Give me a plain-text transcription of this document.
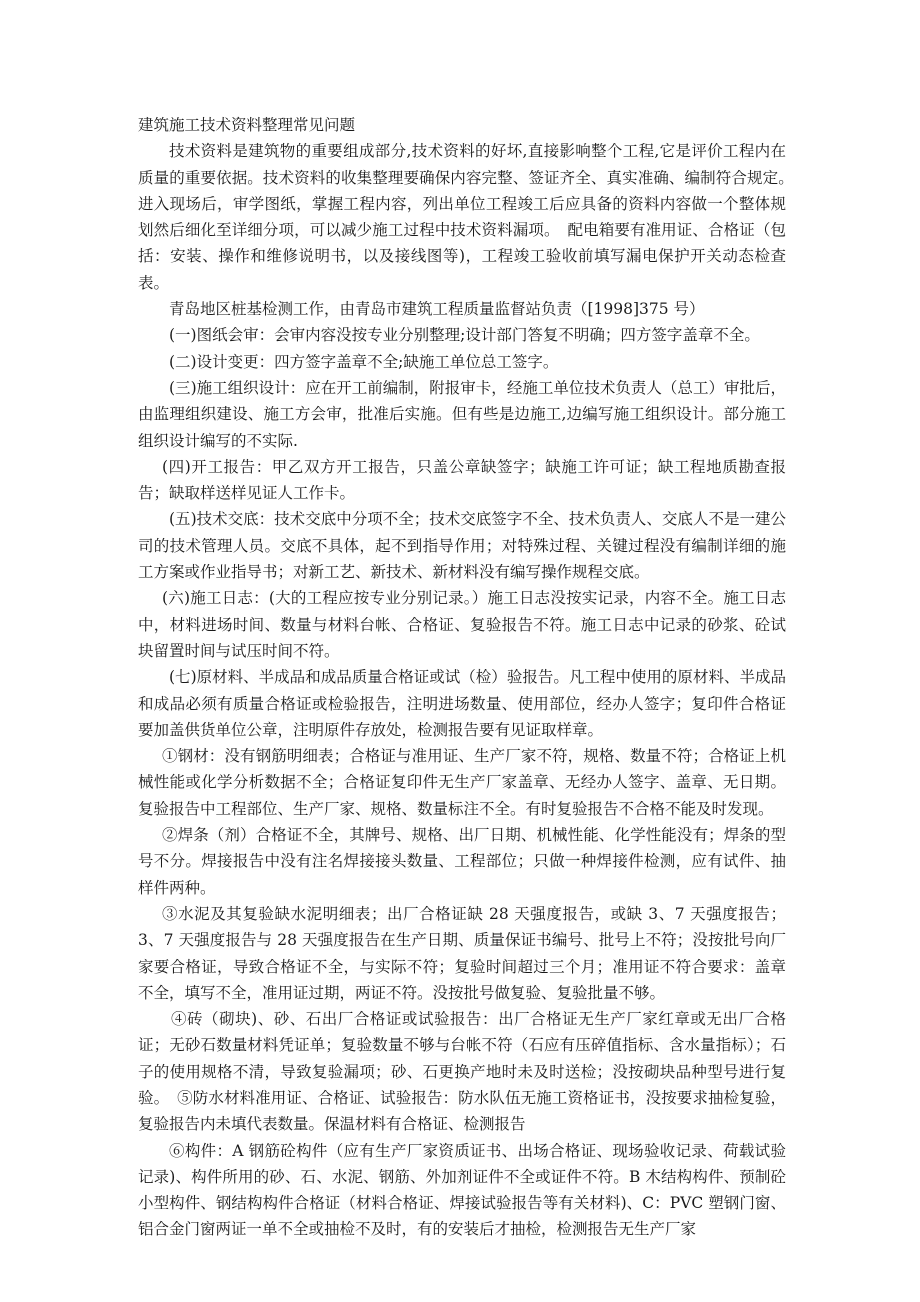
建筑施工技术资料整理常见问题

技术资料是建筑物的重要组成部分,技术资料的好坏,直接影响整个工程,它是评价工程内在质量的重要依据。技术资料的收集整理要确保内容完整、签证齐全、真实准确、编制符合规定。　进入现场后，审学图纸，掌握工程内容，列出单位工程竣工后应具备的资料内容做一个整体规划然后细化至详细分项，可以减少施工过程中技术资料漏项。　配电箱要有准用证、合格证（包括：安装、操作和维修说明书，以及接线图等)，工程竣工验收前填写漏电保护开关动态检查表。

青岛地区桩基检测工作，由青岛市建筑工程质量监督站负责（[1998]375 号）

(一)图纸会审：会审内容没按专业分别整理;设计部门答复不明确；四方签字盖章不全。

(二)设计变更：四方签字盖章不全;缺施工单位总工签字。

(三)施工组织设计：应在开工前编制，附报审卡，经施工单位技术负责人（总工）审批后，由监理组织建设、施工方会审，批准后实施。但有些是边施工,边编写施工组织设计。部分施工组织设计编写的不实际.

(四)开工报告：甲乙双方开工报告，只盖公章缺签字；缺施工许可证；缺工程地质勘查报告；缺取样送样见证人工作卡。

(五)技术交底：技术交底中分项不全；技术交底签字不全、技术负责人、交底人不是一建公司的技术管理人员。交底不具体，起不到指导作用；对特殊过程、关键过程没有编制详细的施工方案或作业指导书；对新工艺、新技术、新材料没有编写操作规程交底。

(六)施工日志：(大的工程应按专业分别记录。）施工日志没按实记录，内容不全。施工日志中，材料进场时间、数量与材料台帐、合格证、复验报告不符。施工日志中记录的砂浆、砼试块留置时间与试压时间不符。

(七)原材料、半成品和成品质量合格证或试（检）验报告。凡工程中使用的原材料、半成品和成品必须有质量合格证或检验报告，注明进场数量、使用部位，经办人签字；复印件合格证要加盖供货单位公章，注明原件存放处，检测报告要有见证取样章。

①钢材：没有钢筋明细表；合格证与准用证、生产厂家不符，规格、数量不符；合格证上机械性能或化学分析数据不全；合格证复印件无生产厂家盖章、无经办人签字、盖章、无日期。复验报告中工程部位、生产厂家、规格、数量标注不全。有时复验报告不合格不能及时发现。

②焊条（剂）合格证不全，其牌号、规格、出厂日期、机械性能、化学性能没有；焊条的型号不分。焊接报告中没有注名焊接接头数量、工程部位；只做一种焊接件检测，应有试件、抽样件两种。

③水泥及其复验缺水泥明细表；出厂合格证缺 28 天强度报告，或缺 3、7 天强度报告；3、7 天强度报告与 28 天强度报告在生产日期、质量保证书编号、批号上不符；没按批号向厂家要合格证，导致合格证不全，与实际不符；复验时间超过三个月；准用证不符合要求：盖章不全，填写不全，准用证过期，两证不符。没按批号做复验、复验批量不够。

④砖（砌块)、砂、石出厂合格证或试验报告：出厂合格证无生产厂家红章或无出厂合格证；无砂石数量材料凭证单；复验数量不够与台帐不符（石应有压碎值指标、含水量指标）；石子的使用规格不清，导致复验漏项；砂、石更换产地时未及时送检；没按砌块品种型号进行复验。　⑤防水材料准用证、合格证、试验报告：防水队伍无施工资格证书，没按要求抽检复验，复验报告内未填代表数量。保温材料有合格证、检测报告

⑥构件：A 钢筋砼构件（应有生产厂家资质证书、出场合格证、现场验收记录、荷载试验记录)、构件所用的砂、石、水泥、钢筋、外加剂证件不全或证件不符。B 木结构构件、预制砼小型构件、钢结构构件合格证（材料合格证、焊接试验报告等有关材料)、C：PVC 塑钢门窗、铝合金门窗两证一单不全或抽检不及时，有的安装后才抽检，检测报告无生产厂家
